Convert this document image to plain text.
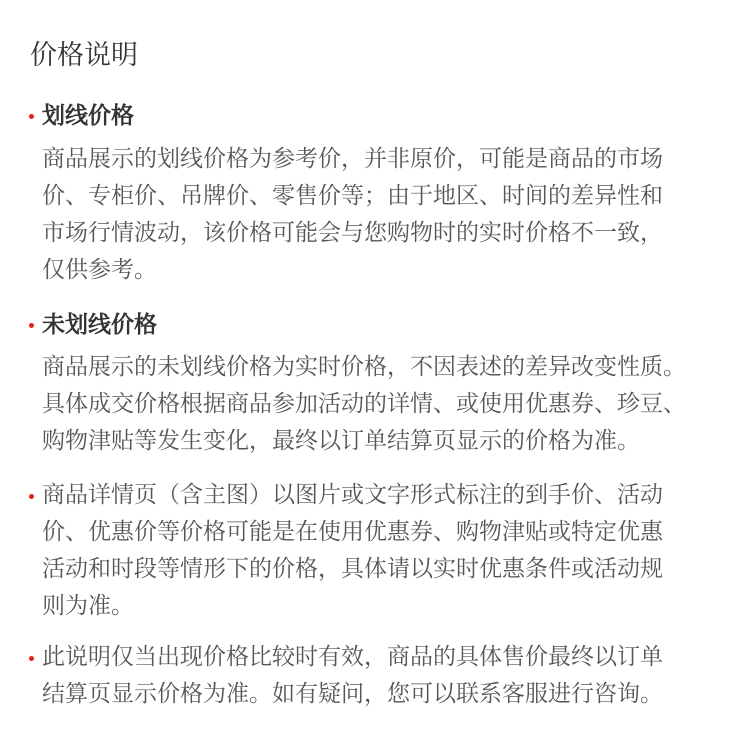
价格说明
划线价格
商品展示的划线价格为参考价，并非原价，可能是商品的市场
价、专柜价、吊牌价、零售价等；由于地区、时间的差异性和
市场行情波动，该价格可能会与您购物时的实时价格不一致，
仅供参考。
未划线价格
商品展示的未划线价格为实时价格，不因表述的差异改变性质。
具体成交价格根据商品参加活动的详情、或使用优惠券、珍豆、
购物津贴等发生变化，最终以订单结算页显示的价格为准。
商品详情页（含主图）以图片或文字形式标注的到手价、活动
价、优惠价等价格可能是在使用优惠券、购物津贴或特定优惠
活动和时段等情形下的价格，具体请以实时优惠条件或活动规
则为准。
此说明仅当出现价格比较时有效，商品的具体售价最终以订单
结算页显示价格为准。如有疑问，您可以联系客服进行咨询。
